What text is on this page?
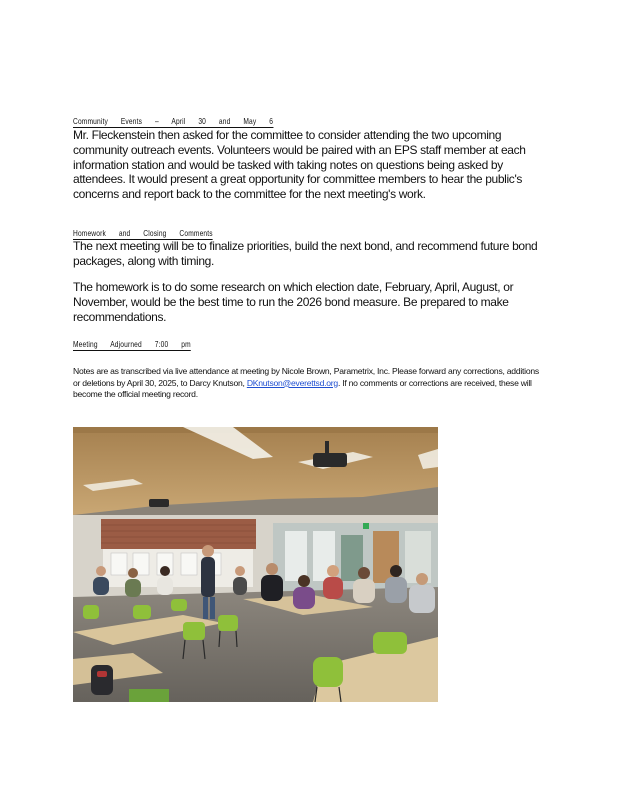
Community Events – April 30 and May 6

Mr. Fleckenstein then asked for the committee to consider attending the two upcoming community outreach events. Volunteers would be paired with an EPS staff member at each information station and would be tasked with taking notes on questions being asked by attendees. It would present a great opportunity for committee members to hear the public's concerns and report back to the committee for the next meeting's work.

Homework and Closing Comments

The next meeting will be to finalize priorities, build the next bond, and recommend future bond packages, along with timing.

The homework is to do some research on which election date, February, April, August, or November, would be the best time to run the 2026 bond measure. Be prepared to make recommendations.

Meeting Adjourned 7:00 pm

Notes are as transcribed via live attendance at meeting by Nicole Brown, Parametrix, Inc. Please forward any corrections, additions or deletions by April 30, 2025, to Darcy Knutson, DKnutson@everettsd.org. If no comments or corrections are received, these will become the official meeting record.
